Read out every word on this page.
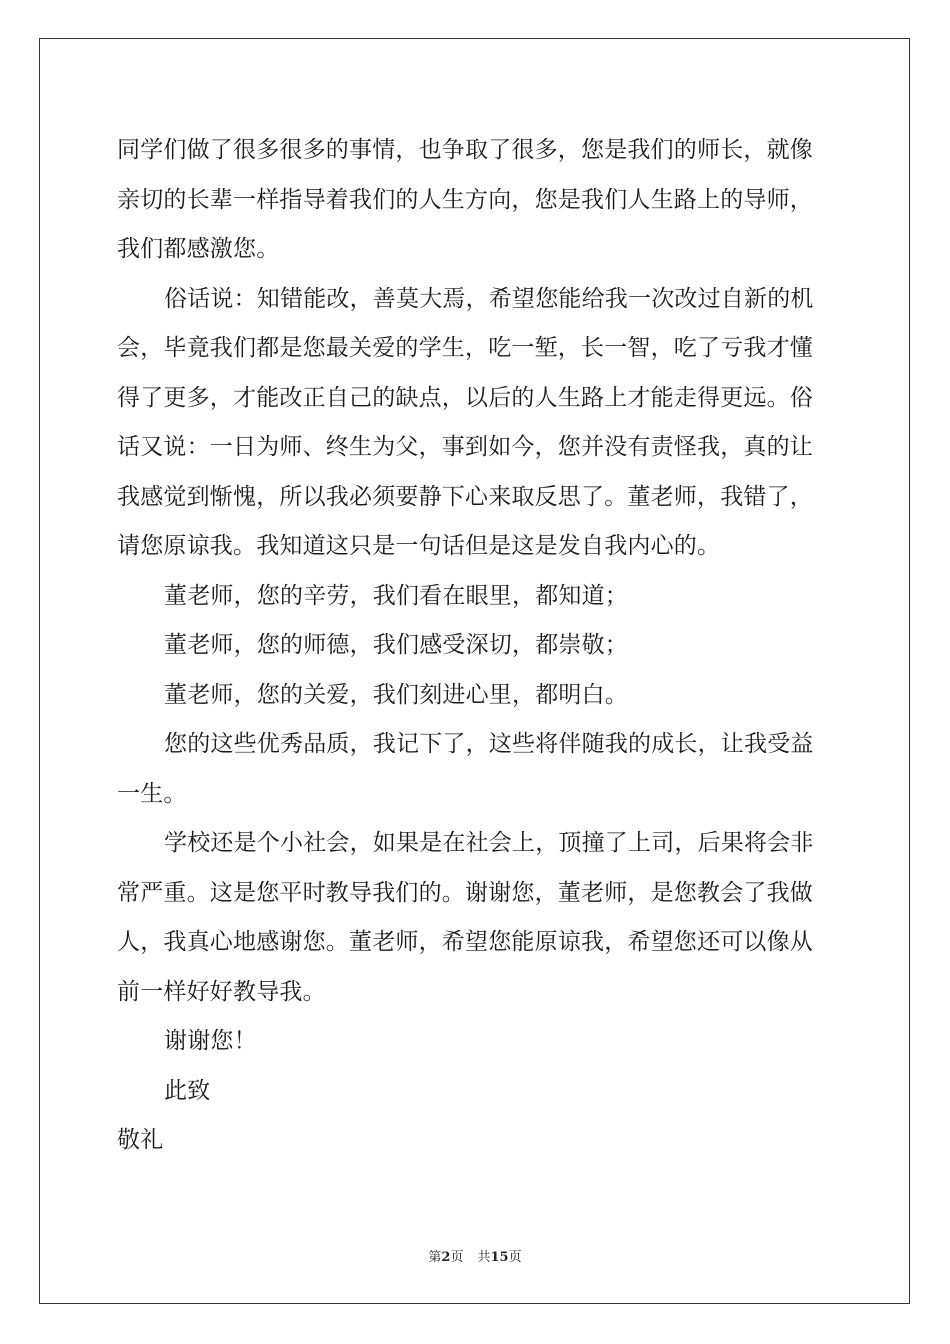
同学们做了很多很多的事情，也争取了很多，您是我们的师长，就像
亲切的长辈一样指导着我们的人生方向，您是我们人生路上的导师，
我们都感激您。
俗话说：知错能改，善莫大焉，希望您能给我一次改过自新的机
会，毕竟我们都是您最关爱的学生，吃一堑，长一智，吃了亏我才懂
得了更多，才能改正自己的缺点，以后的人生路上才能走得更远。俗
话又说：一日为师、终生为父，事到如今，您并没有责怪我，真的让
我感觉到惭愧，所以我必须要静下心来取反思了。董老师，我错了，
请您原谅我。我知道这只是一句话但是这是发自我内心的。
董老师，您的辛劳，我们看在眼里，都知道；
董老师，您的师德，我们感受深切，都崇敬；
董老师，您的关爱，我们刻进心里，都明白。
您的这些优秀品质，我记下了，这些将伴随我的成长，让我受益
一生。
学校还是个小社会，如果是在社会上，顶撞了上司，后果将会非
常严重。这是您平时教导我们的。谢谢您，董老师，是您教会了我做
人，我真心地感谢您。董老师，希望您能原谅我，希望您还可以像从
前一样好好教导我。
谢谢您！
此致
敬礼
第2页 共15页
